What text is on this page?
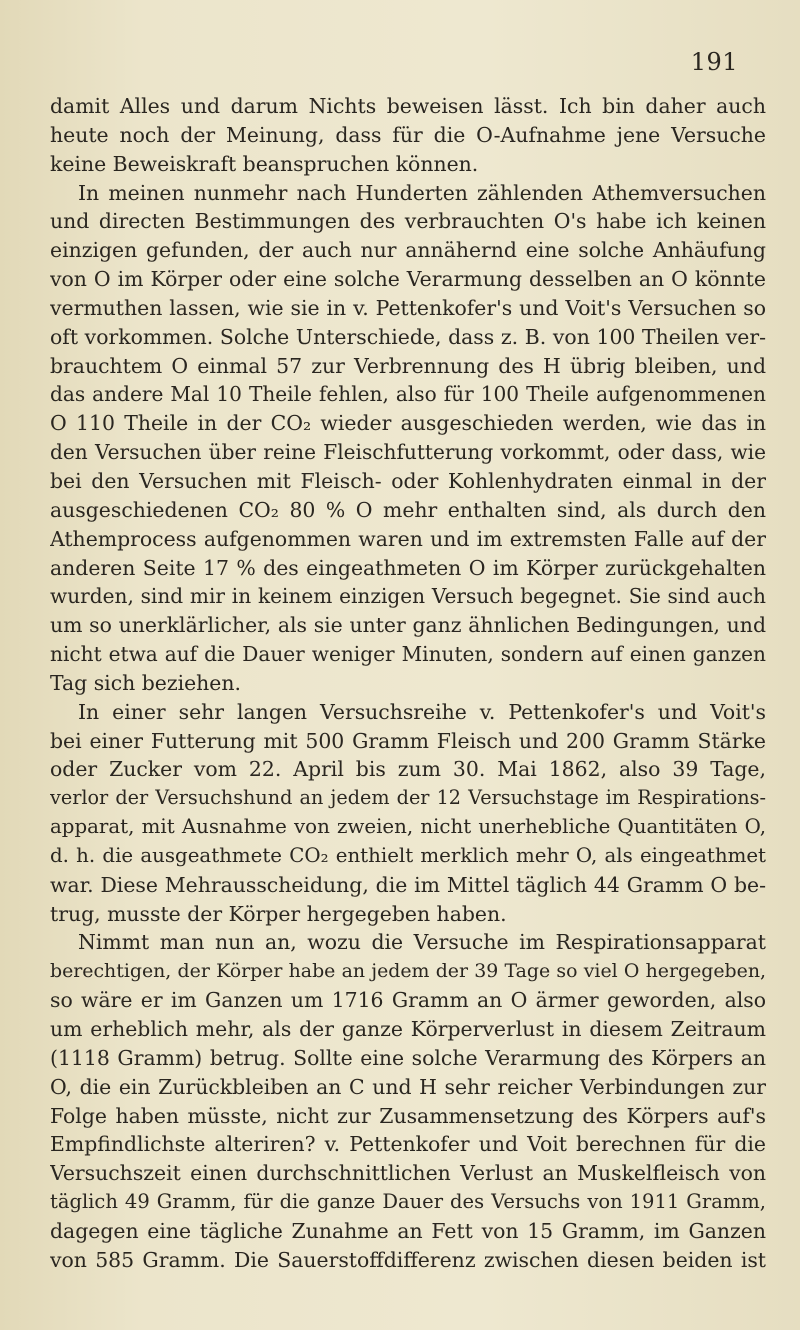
191
damit Alles und darum Nichts beweisen lässt. Ich bin daher auch
heute noch der Meinung, dass für die O-Aufnahme jene Versuche
keine Beweiskraft beanspruchen können.
In meinen nunmehr nach Hunderten zählenden Athemversuchen
und directen Bestimmungen des verbrauchten O's habe ich keinen
einzigen gefunden, der auch nur annähernd eine solche Anhäufung
von O im Körper oder eine solche Verarmung desselben an O könnte
vermuthen lassen, wie sie in v. Pettenkofer's und Voit's Versuchen so
oft vorkommen. Solche Unterschiede, dass z. B. von 100 Theilen ver-
brauchtem O einmal 57 zur Verbrennung des H übrig bleiben, und
das andere Mal 10 Theile fehlen, also für 100 Theile aufgenommenen
O 110 Theile in der CO₂ wieder ausgeschieden werden, wie das in
den Versuchen über reine Fleischfutterung vorkommt, oder dass, wie
bei den Versuchen mit Fleisch- oder Kohlenhydraten einmal in der
ausgeschiedenen CO₂ 80 % O mehr enthalten sind, als durch den
Athemprocess aufgenommen waren und im extremsten Falle auf der
anderen Seite 17 % des eingeathmeten O im Körper zurückgehalten
wurden, sind mir in keinem einzigen Versuch begegnet. Sie sind auch
um so unerklärlicher, als sie unter ganz ähnlichen Bedingungen, und
nicht etwa auf die Dauer weniger Minuten, sondern auf einen ganzen
Tag sich beziehen.
In einer sehr langen Versuchsreihe v. Pettenkofer's und Voit's
bei einer Futterung mit 500 Gramm Fleisch und 200 Gramm Stärke
oder Zucker vom 22. April bis zum 30. Mai 1862, also 39 Tage,
verlor der Versuchshund an jedem der 12 Versuchstage im Respirations-
apparat, mit Ausnahme von zweien, nicht unerhebliche Quantitäten O,
d. h. die ausgeathmete CO₂ enthielt merklich mehr O, als eingeathmet
war. Diese Mehrausscheidung, die im Mittel täglich 44 Gramm O be-
trug, musste der Körper hergegeben haben.
Nimmt man nun an, wozu die Versuche im Respirationsapparat
berechtigen, der Körper habe an jedem der 39 Tage so viel O hergegeben,
so wäre er im Ganzen um 1716 Gramm an O ärmer geworden, also
um erheblich mehr, als der ganze Körperverlust in diesem Zeitraum
(1118 Gramm) betrug. Sollte eine solche Verarmung des Körpers an
O, die ein Zurückbleiben an C und H sehr reicher Verbindungen zur
Folge haben müsste, nicht zur Zusammensetzung des Körpers auf's
Empfindlichste alteriren? v. Pettenkofer und Voit berechnen für die
Versuchszeit einen durchschnittlichen Verlust an Muskelfleisch von
täglich 49 Gramm, für die ganze Dauer des Versuchs von 1911 Gramm,
dagegen eine tägliche Zunahme an Fett von 15 Gramm, im Ganzen
von 585 Gramm. Die Sauerstoffdifferenz zwischen diesen beiden ist
